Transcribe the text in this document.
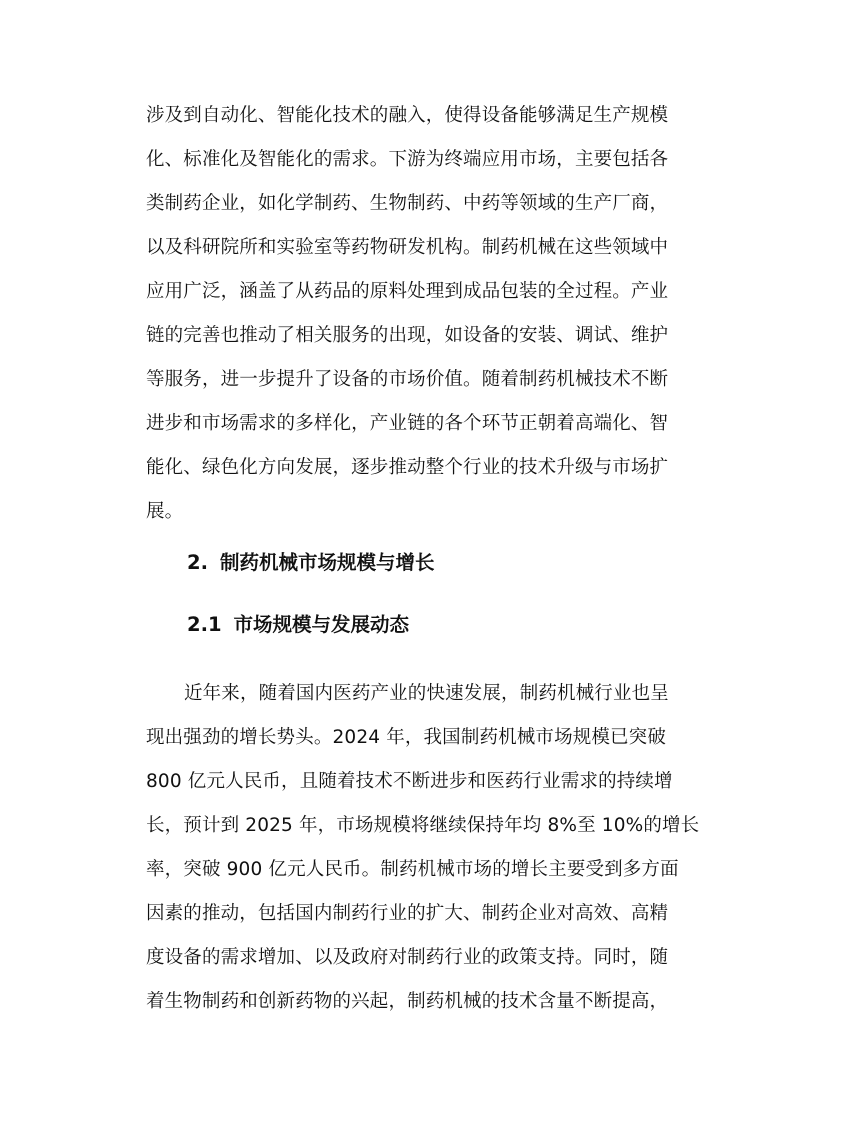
涉及到自动化、智能化技术的融入，使得设备能够满足生产规模
化、标准化及智能化的需求。下游为终端应用市场，主要包括各
类制药企业，如化学制药、生物制药、中药等领域的生产厂商，
以及科研院所和实验室等药物研发机构。制药机械在这些领域中
应用广泛，涵盖了从药品的原料处理到成品包装的全过程。产业
链的完善也推动了相关服务的出现，如设备的安装、调试、维护
等服务，进一步提升了设备的市场价值。随着制药机械技术不断
进步和市场需求的多样化，产业链的各个环节正朝着高端化、智
能化、绿色化方向发展，逐步推动整个行业的技术升级与市场扩
展。
2. 制药机械市场规模与增长
2.1 市场规模与发展动态
近年来，随着国内医药产业的快速发展，制药机械行业也呈
现出强劲的增长势头。2024 年，我国制药机械市场规模已突破
800 亿元人民币，且随着技术不断进步和医药行业需求的持续增
长，预计到 2025 年，市场规模将继续保持年均 8%至 10%的增长
率，突破 900 亿元人民币。制药机械市场的增长主要受到多方面
因素的推动，包括国内制药行业的扩大、制药企业对高效、高精
度设备的需求增加、以及政府对制药行业的政策支持。同时，随
着生物制药和创新药物的兴起，制药机械的技术含量不断提高，
